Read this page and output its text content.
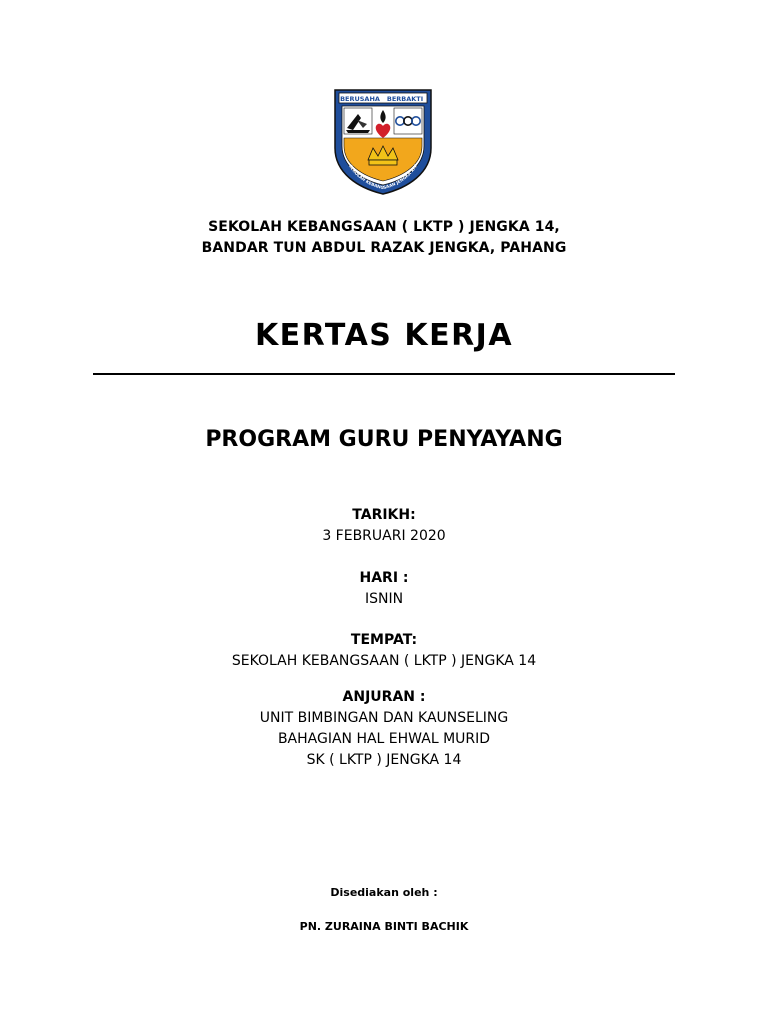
BERUSAHA BERBAKTI
SEKOLAH KEBANGSAAN JENGKA XIV
SEKOLAH KEBANGSAAN ( LKTP ) JENGKA 14,
BANDAR TUN ABDUL RAZAK JENGKA, PAHANG
KERTAS KERJA
PROGRAM GURU PENYAYANG
TARIKH:
3 FEBRUARI 2020
HARI :
ISNIN
TEMPAT:
SEKOLAH KEBANGSAAN ( LKTP ) JENGKA 14
ANJURAN :
UNIT BIMBINGAN DAN KAUNSELING
BAHAGIAN HAL EHWAL MURID
SK ( LKTP ) JENGKA 14
Disediakan oleh :
PN. ZURAINA BINTI BACHIK
